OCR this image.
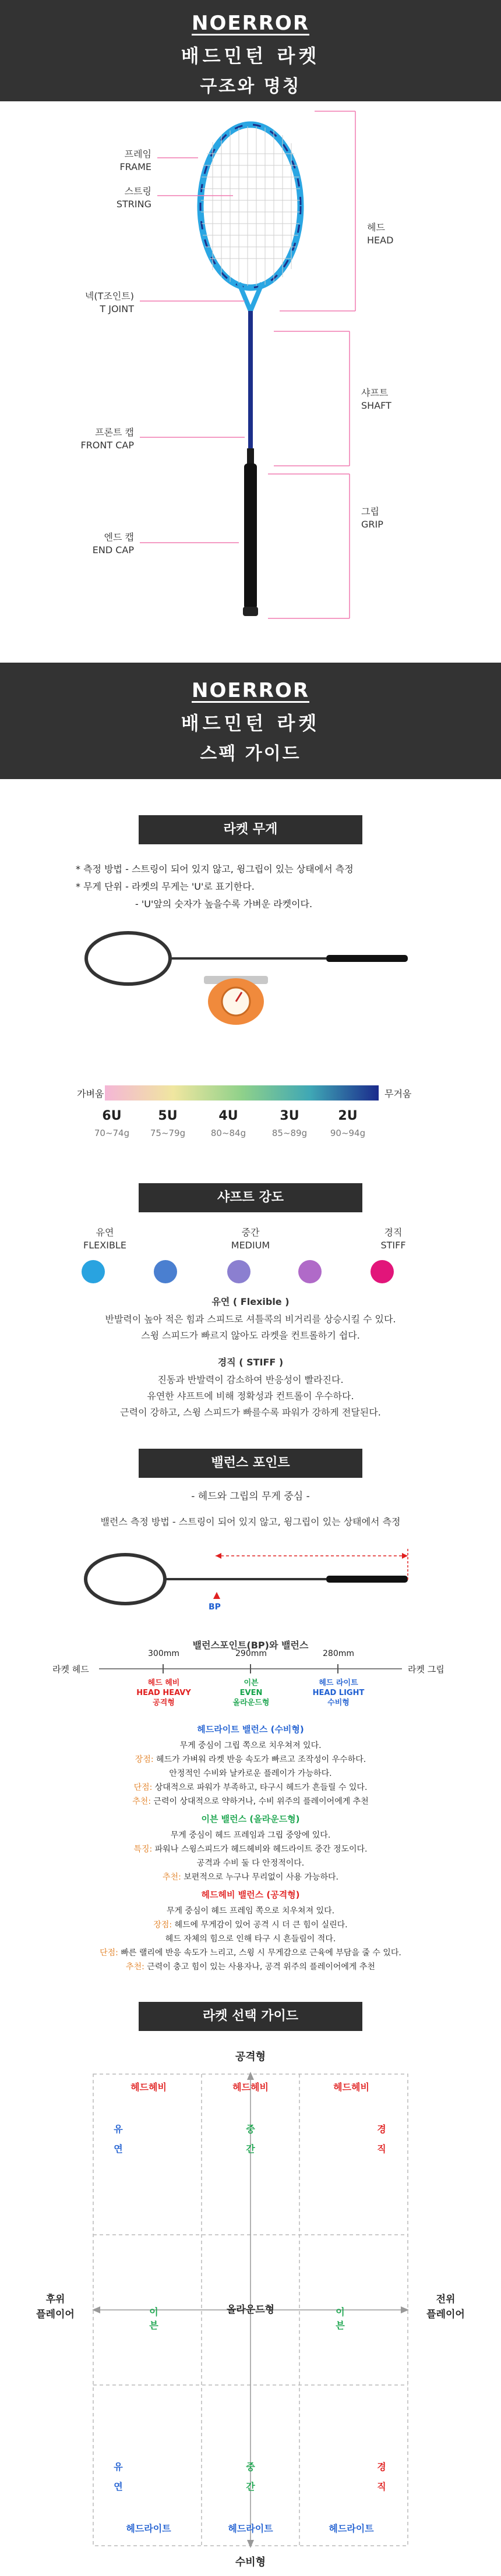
NOERROR
배드민턴 라켓
구조와 명칭
프레임
FRAME
스트링
STRING
넥(T조인트)
T JOINT
프론트 캡
FRONT CAP
엔드 캡
END CAP
헤드
HEAD
샤프트
SHAFT
그립
GRIP
NOERROR
배드민턴 라켓
스펙 가이드
라켓 무게
* 측정 방법 - 스트링이 되어 있지 않고, 윙그립이 있는 상태에서 측정
* 무게 단위 - 라켓의 무게는 'U'로 표기한다.
- 'U'앞의 숫자가 높을수록 가벼운 라켓이다.
가벼움	무거움
6U
70~74g
5U
75~79g
4U
80~84g
3U
85~89g
2U
90~94g
샤프트 강도
유연
FLEXIBLE
중간
MEDIUM
경직
STIFF
유연 ( Flexible )
반발력이 높아 적은 힘과 스피드로 셔틀콕의 비거리를 상승시킬 수 있다.
스윙 스피드가 빠르지 않아도 라켓을 컨트롤하기 쉽다.
경직 ( STIFF )
진동과 반발력이 감소하여 반응성이 빨라진다.
유연한 샤프트에 비해 정확성과 컨트롤이 우수하다.
근력이 강하고, 스윙 스피드가 빠를수록 파워가 강하게 전달된다.
밸런스 포인트
- 헤드와 그립의 무게 중심 -
밸런스 측정 방법 - 스트링이 되어 있지 않고, 윙그립이 있는 상태에서 측정
BP
밸런스포인트(BP)와 밸런스
라켓 헤드	라켓 그립
300mm	290mm	280mm
헤드 헤비
HEAD HEAVY
공격형
이븐
EVEN
올라운드형
헤드 라이트
HEAD LIGHT
수비형
헤드라이트 밸런스 (수비형)
무게 중심이 그립 쪽으로 치우쳐져 있다.
장점: 헤드가 가벼워 라켓 반응 속도가 빠르고 조작성이 우수하다.
안정적인 수비와 날카로운 플레이가 가능하다.
단점: 상대적으로 파워가 부족하고, 타구시 헤드가 흔들릴 수 있다.
추천: 근력이 상대적으로 약하거나, 수비 위주의 플레이어에게 추천
이븐 밸런스 (올라운드형)
무게 중심이 헤드 프레임과 그립 중앙에 있다.
특징: 파워나 스윙스피드가 헤드헤비와 헤드라이트 중간 정도이다.
공격과 수비 둘 다 안정적이다.
추천: 보편적으로 누구나 무리없이 사용 가능하다.
헤드헤비 밸런스 (공격형)
무게 중심이 헤드 프레임 쪽으로 치우쳐져 있다.
장점: 헤드에 무게감이 있어 공격 시 더 큰 힘이 실린다.
헤드 자체의 힘으로 인해 타구 시 흔들림이 적다.
단점: 빠른 랠리에 반응 속도가 느리고, 스윙 시 무게감으로 근육에 부담을 줄 수 있다.
추천: 근력이 충고 힘이 있는 사용자나, 공격 위주의 플레이어에게 추천
라켓 선택 가이드
공격형
수비형
후위
플레이어
전위
플레이어
헤드헤비	헤드헤비	헤드헤비
헤드라이트	헤드라이트	헤드라이트
올라운드형
유
연
유
연
경
직
경
직
중
간
중
간
이븐
이븐
